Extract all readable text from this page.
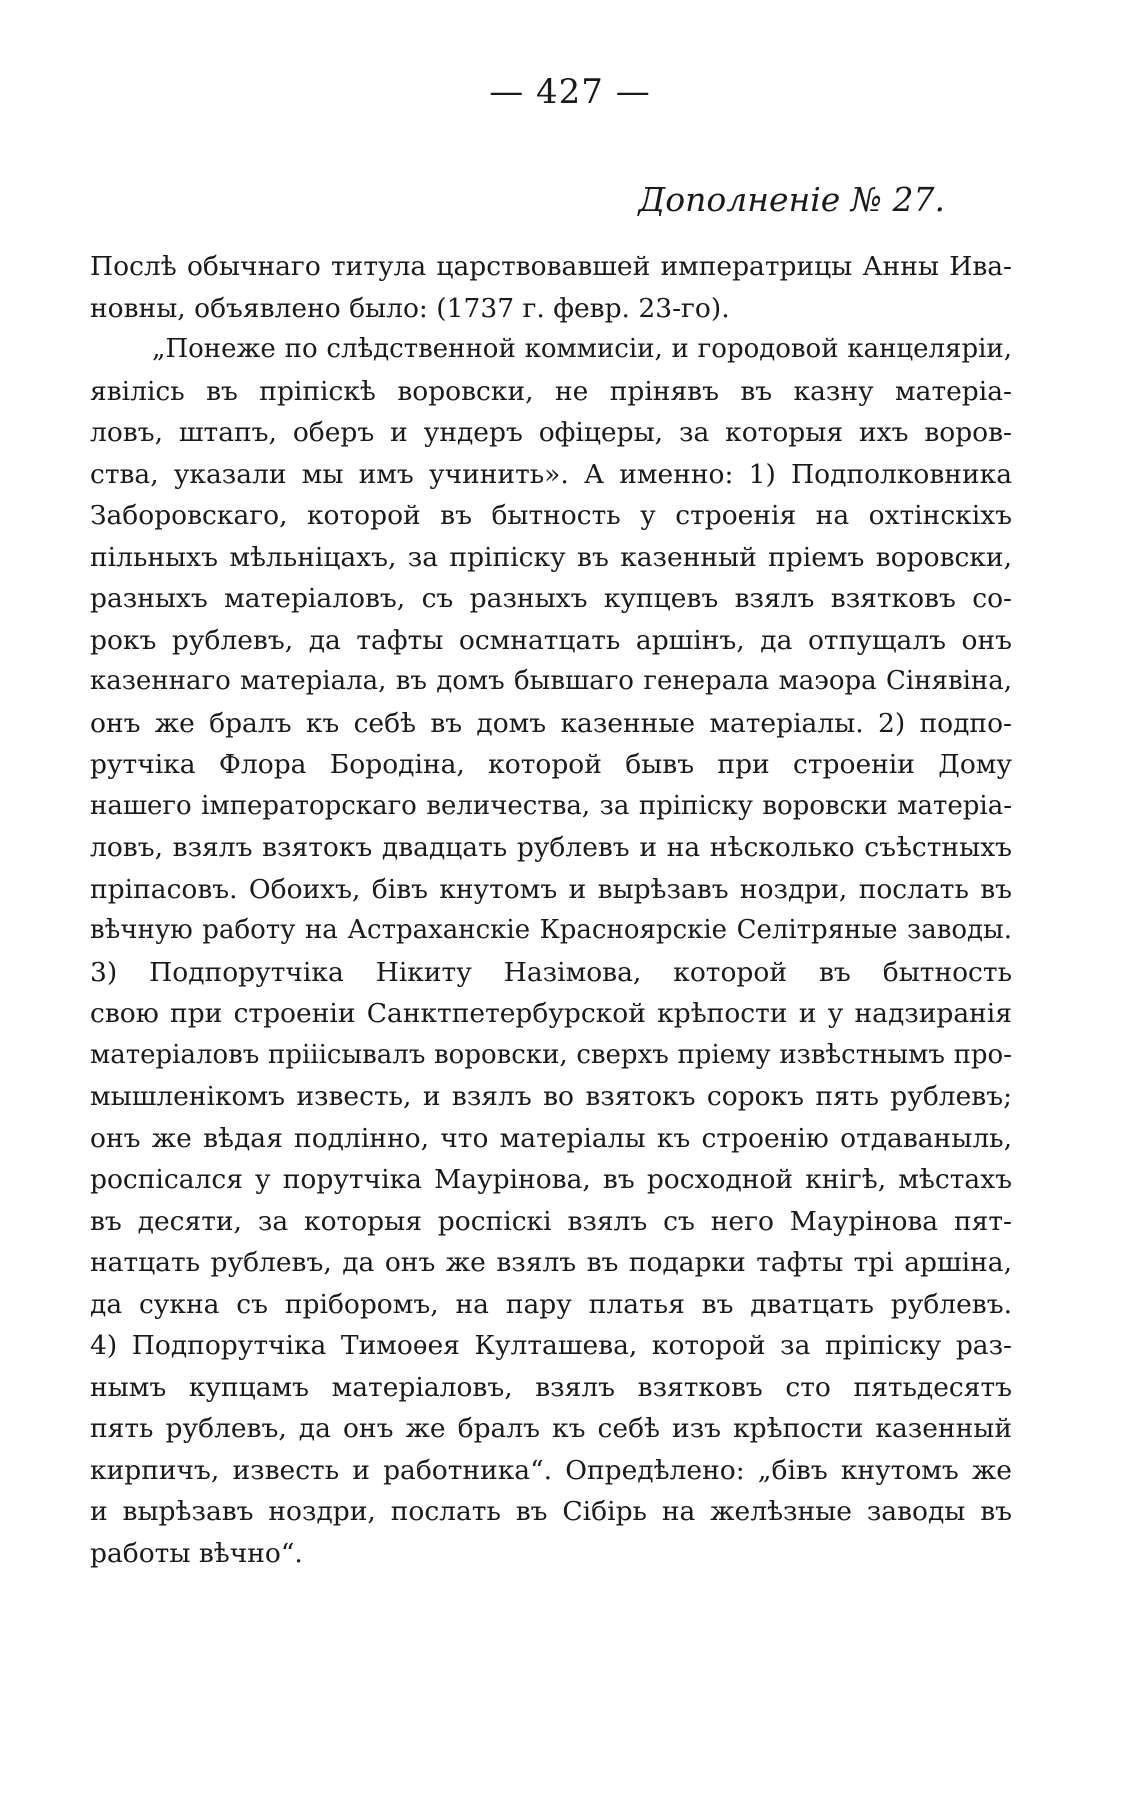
— 427 —
Дополненіе № 27.
Послѣ обычнаго титула царствовавшей императрицы Анны Ива-
новны, объявлено было: (1737 г. февр. 23-го).
„Понеже по слѣдственной коммисіи, и городовой канцеляріи,
явілісь въ пріпіскѣ воровски, не прінявъ въ казну матеріа-
ловъ, штапъ, оберъ и ундеръ офіцеры, за которыя ихъ воров-
ства, указали мы имъ учинить». А именно: 1) Подполковника
Заборовскаго, которой въ бытность у строенія на охтінскіхъ
пільныхъ мѣльніцахъ, за пріпіску въ казенный пріемъ воровски,
разныхъ матеріаловъ, съ разныхъ купцевъ взялъ взятковъ со-
рокъ рублевъ, да тафты осмнатцать аршінъ, да отпущалъ онъ
казеннаго матеріала, въ домъ бывшаго генерала маэора Сінявіна,
онъ же бралъ къ себѣ въ домъ казенные матеріалы. 2) подпо-
рутчіка Флора Бородіна, которой бывъ при строеніи Дому
нашего імператорскаго величества, за пріпіску воровски матеріа-
ловъ, взялъ взятокъ двадцать рублевъ и на нѣсколько съѣстныхъ
пріпасовъ. Обоихъ, бівъ кнутомъ и вырѣзавъ ноздри, послать въ
вѣчную работу на Астраханскіе Красноярскіе Селітряные заводы.
3) Подпорутчіка Нікиту Назімова, которой въ бытность
свою при строеніи Санктпетербурской крѣпости и у надзиранія
матеріаловъ прііісывалъ воровски, сверхъ пріему извѣстнымъ про-
мышленікомъ известь, и взялъ во взятокъ сорокъ пять рублевъ;
онъ же вѣдая подлінно, что матеріалы къ строенію отдаваныль,
роспісался у порутчіка Маурінова, въ росходной кнігѣ, мѣстахъ
въ десяти, за которыя роспіскі взялъ съ него Маурінова пят-
натцать рублевъ, да онъ же взялъ въ подарки тафты трі аршіна,
да сукна съ пріборомъ, на пару платья въ дватцать рублевъ.
4) Подпорутчіка Тимоѳея Култашева, которой за пріпіску раз-
нымъ купцамъ матеріаловъ, взялъ взятковъ сто пятьдесятъ
пять рублевъ, да онъ же бралъ къ себѣ изъ крѣпости казенный
кирпичъ, известь и работника“. Опредѣлено: „бівъ кнутомъ же
и вырѣзавъ ноздри, послать въ Сібірь на желѣзные заводы въ
работы вѣчно“.
